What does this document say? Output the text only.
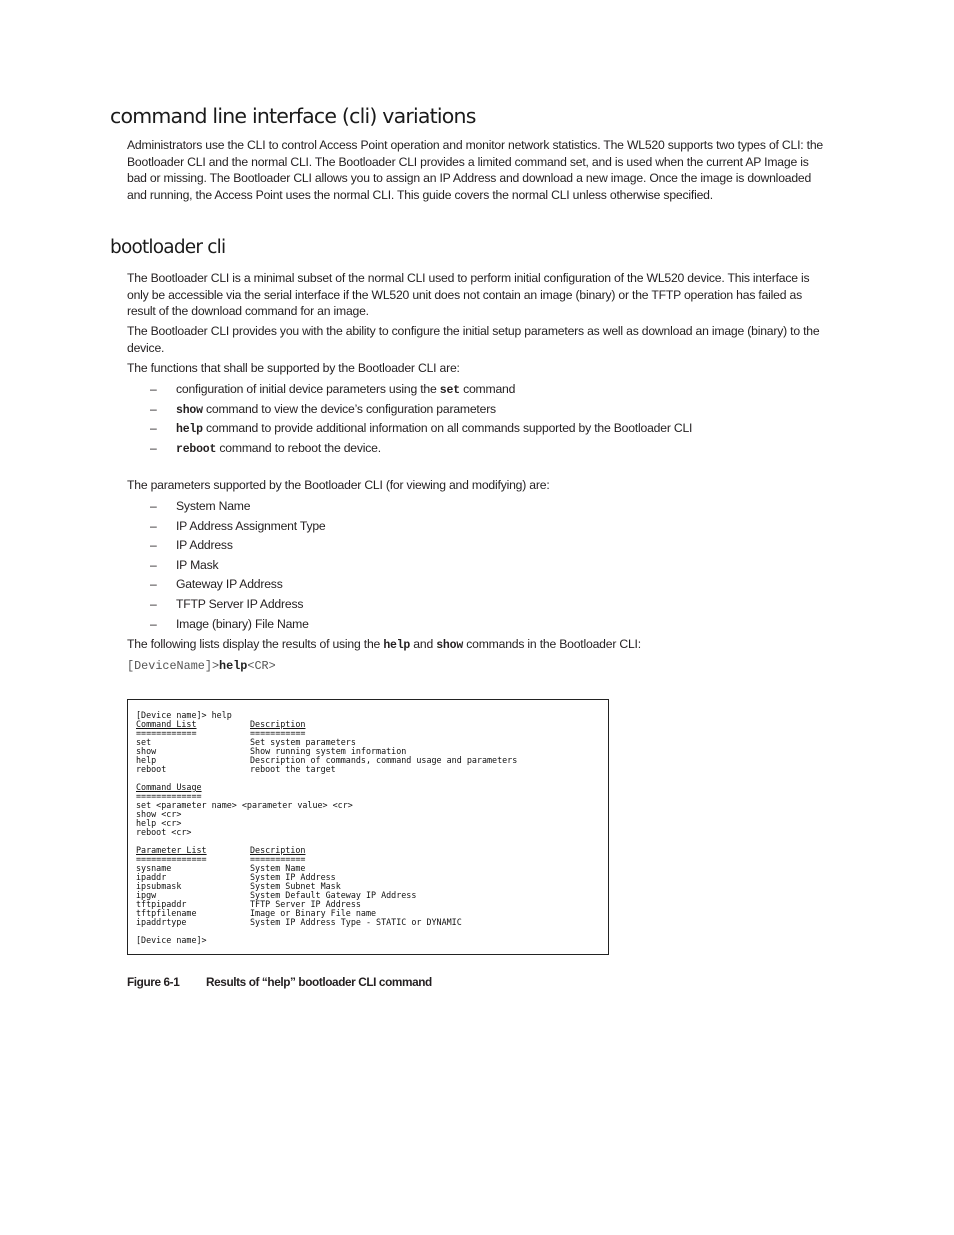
command line interface (cli) variations

Administrators use the CLI to control Access Point operation and monitor network statistics. The WL520 supports two types of CLI: the Bootloader CLI and the normal CLI. The Bootloader CLI provides a limited command set, and is used when the current AP Image is bad or missing. The Bootloader CLI allows you to assign an IP Address and download a new image. Once the image is downloaded and running, the Access Point uses the normal CLI. This guide covers the normal CLI unless otherwise specified.

bootloader cli

The Bootloader CLI is a minimal subset of the normal CLI used to perform initial configuration of the WL520 device. This interface is only be accessible via the serial interface if the WL520 unit does not contain an image (binary) or the TFTP operation has failed as result of the download command for an image.

The Bootloader CLI provides you with the ability to configure the initial setup parameters as well as download an image (binary) to the device.

The functions that shall be supported by the Bootloader CLI are:
– configuration of initial device parameters using the set command
– show command to view the device’s configuration parameters
– help command to provide additional information on all commands supported by the Bootloader CLI
– reboot command to reboot the device.
The parameters supported by the Bootloader CLI (for viewing and modifying) are:
– System Name
– IP Address Assignment Type
– IP Address
– IP Mask
– Gateway IP Address
– TFTP Server IP Address
– Image (binary) File Name
The following lists display the results of using the help and show commands in the Bootloader CLI:
[DeviceName]>help<CR>
[Device name]> help
Command List	Description
============	===========
set	Set system parameters
show	Show running system information
help	Description of commands, command usage and parameters
reboot	reboot the target
Command Usage
=============
set <parameter name> <parameter value> <cr>
show <cr>
help <cr>
reboot <cr>
Parameter List	Description
==============	===========
sysname	System Name
ipaddr	System IP Address
ipsubmask	System Subnet Mask
ipgw	System Default Gateway IP Address
tftpipaddr	TFTP Server IP Address
tftpfilename	Image or Binary File name
ipaddrtype	System IP Address Type - STATIC or DYNAMIC
[Device name]>
Figure 6-1 Results of “help” bootloader CLI command
